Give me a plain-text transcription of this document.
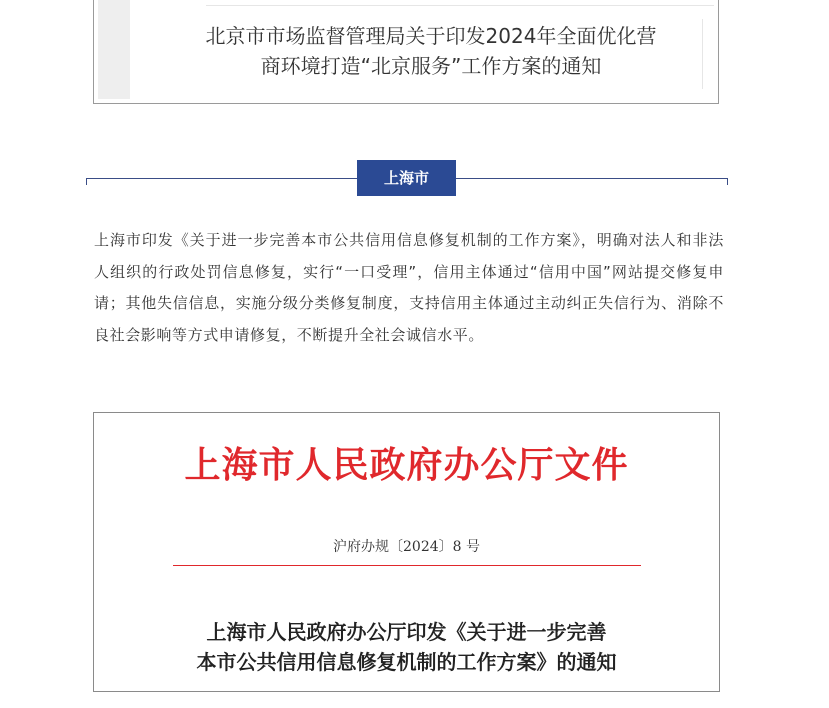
北京市市场监督管理局关于印发2024年全面优化营
商环境打造“北京服务”工作方案的通知
上海市

上海市印发《关于进一步完善本市公共信用信息修复机制的工作方案》，明确对法人和非法人组织的行政处罚信息修复，实行“一口受理”，信用主体通过“信用中国”网站提交修复申请；其他失信信息，实施分级分类修复制度，支持信用主体通过主动纠正失信行为、消除不良社会影响等方式申请修复，不断提升全社会诚信水平。

上海市人民政府办公厅文件
沪府办规〔2024〕8 号
上海市人民政府办公厅印发《关于进一步完善
本市公共信用信息修复机制的工作方案》的通知
